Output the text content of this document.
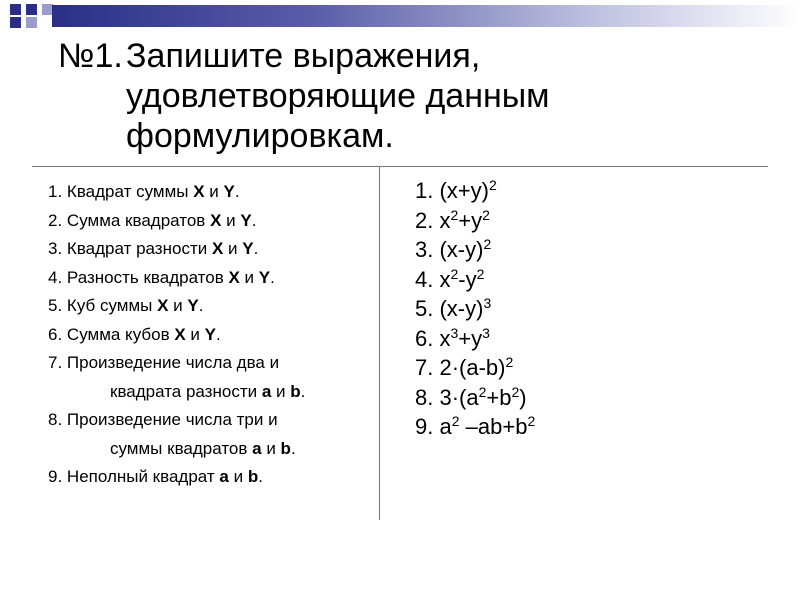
№1. Запишите выражения,
удовлетворяющие данным
формулировкам.
1. Квадрат суммы X и Y.
2. Сумма квадратов X и Y.
3. Квадрат разности X и Y.
4. Разность квадратов X и Y.
5. Куб суммы X и Y.
6. Сумма кубов X и Y.
7. Произведение числа два и
квадрата разности a и b.
8. Произведение числа три и
суммы квадратов a и b.
9. Неполный квадрат a и b.
1. $(x+y)^2$
2. $x^2+y^2$
3. $(x-y)^2$
4. $x^2-y^2$
5. $(x-y)^3$
6. $x^3+y^3$
7. $2\cdot(a-b)^2$
8. $3\cdot(a^2+b^2)$
9. $a^2$ $-ab+b^2$
